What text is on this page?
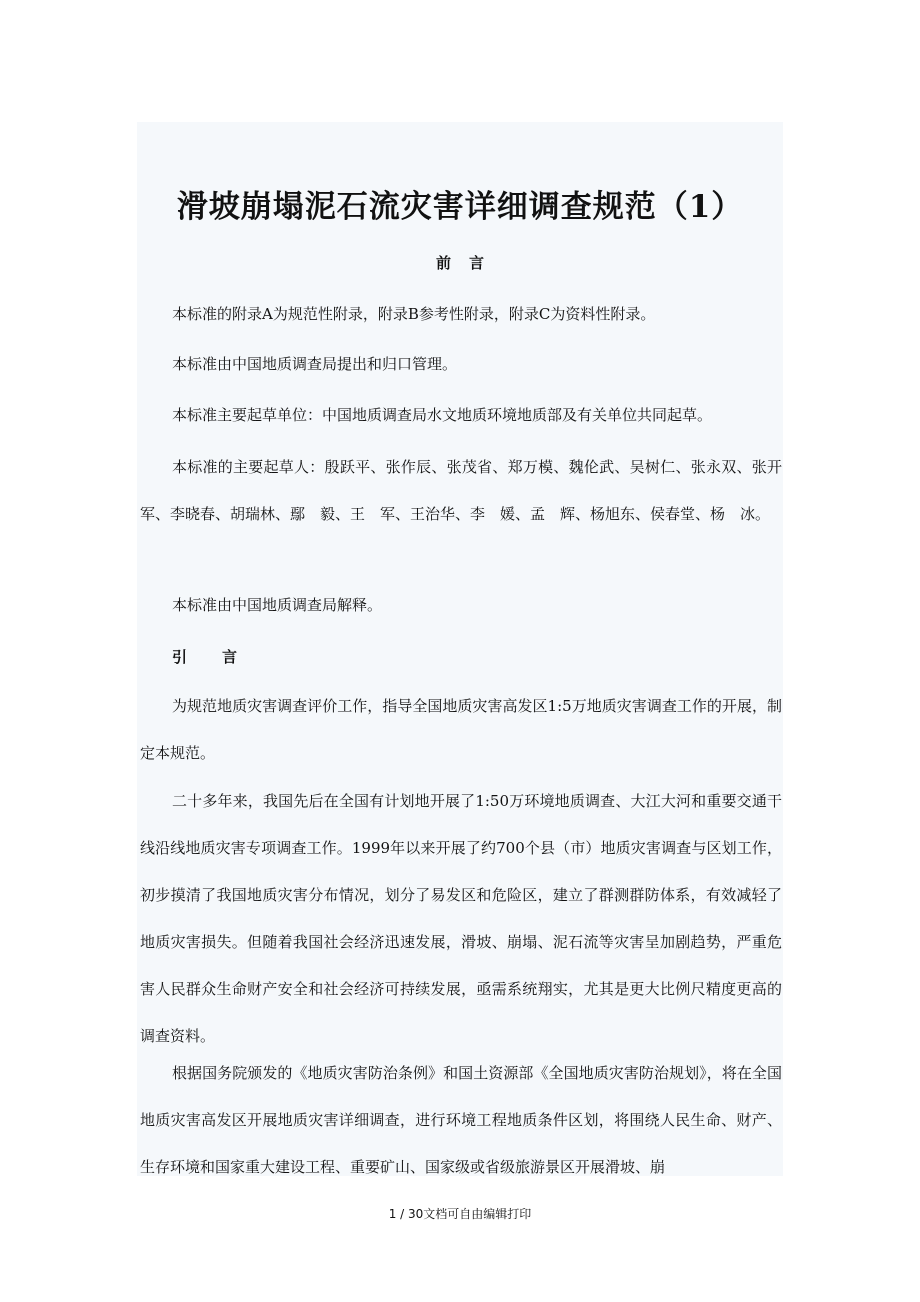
滑坡崩塌泥石流灾害详细调查规范（1）
前言

本标准的附录A为规范性附录，附录B参考性附录，附录C为资料性附录。

本标准由中国地质调查局提出和归口管理。

本标准主要起草单位：中国地质调查局水文地质环境地质部及有关单位共同起草。

本标准的主要起草人：殷跃平、张作辰、张茂省、郑万模、魏伦武、吴树仁、张永双、张开军、李晓春、胡瑞林、鄢　毅、王　军、王治华、李　媛、孟　辉、杨旭东、侯春堂、杨　冰。

本标准由中国地质调查局解释。

引言

为规范地质灾害调查评价工作，指导全国地质灾害高发区1:5万地质灾害调查工作的开展，制定本规范。

二十多年来，我国先后在全国有计划地开展了1:50万环境地质调查、大江大河和重要交通干线沿线地质灾害专项调查工作。1999年以来开展了约700个县（市）地质灾害调查与区划工作，初步摸清了我国地质灾害分布情况，划分了易发区和危险区，建立了群测群防体系，有效减轻了地质灾害损失。但随着我国社会经济迅速发展，滑坡、崩塌、泥石流等灾害呈加剧趋势，严重危害人民群众生命财产安全和社会经济可持续发展，亟需系统翔实，尤其是更大比例尺精度更高的调查资料。

根据国务院颁发的《地质灾害防治条例》和国土资源部《全国地质灾害防治规划》，将在全国地质灾害高发区开展地质灾害详细调查，进行环境工程地质条件区划，将围绕人民生命、财产、生存环境和国家重大建设工程、重要矿山、国家级或省级旅游景区开展滑坡、崩

1 / 30文档可自由编辑打印
